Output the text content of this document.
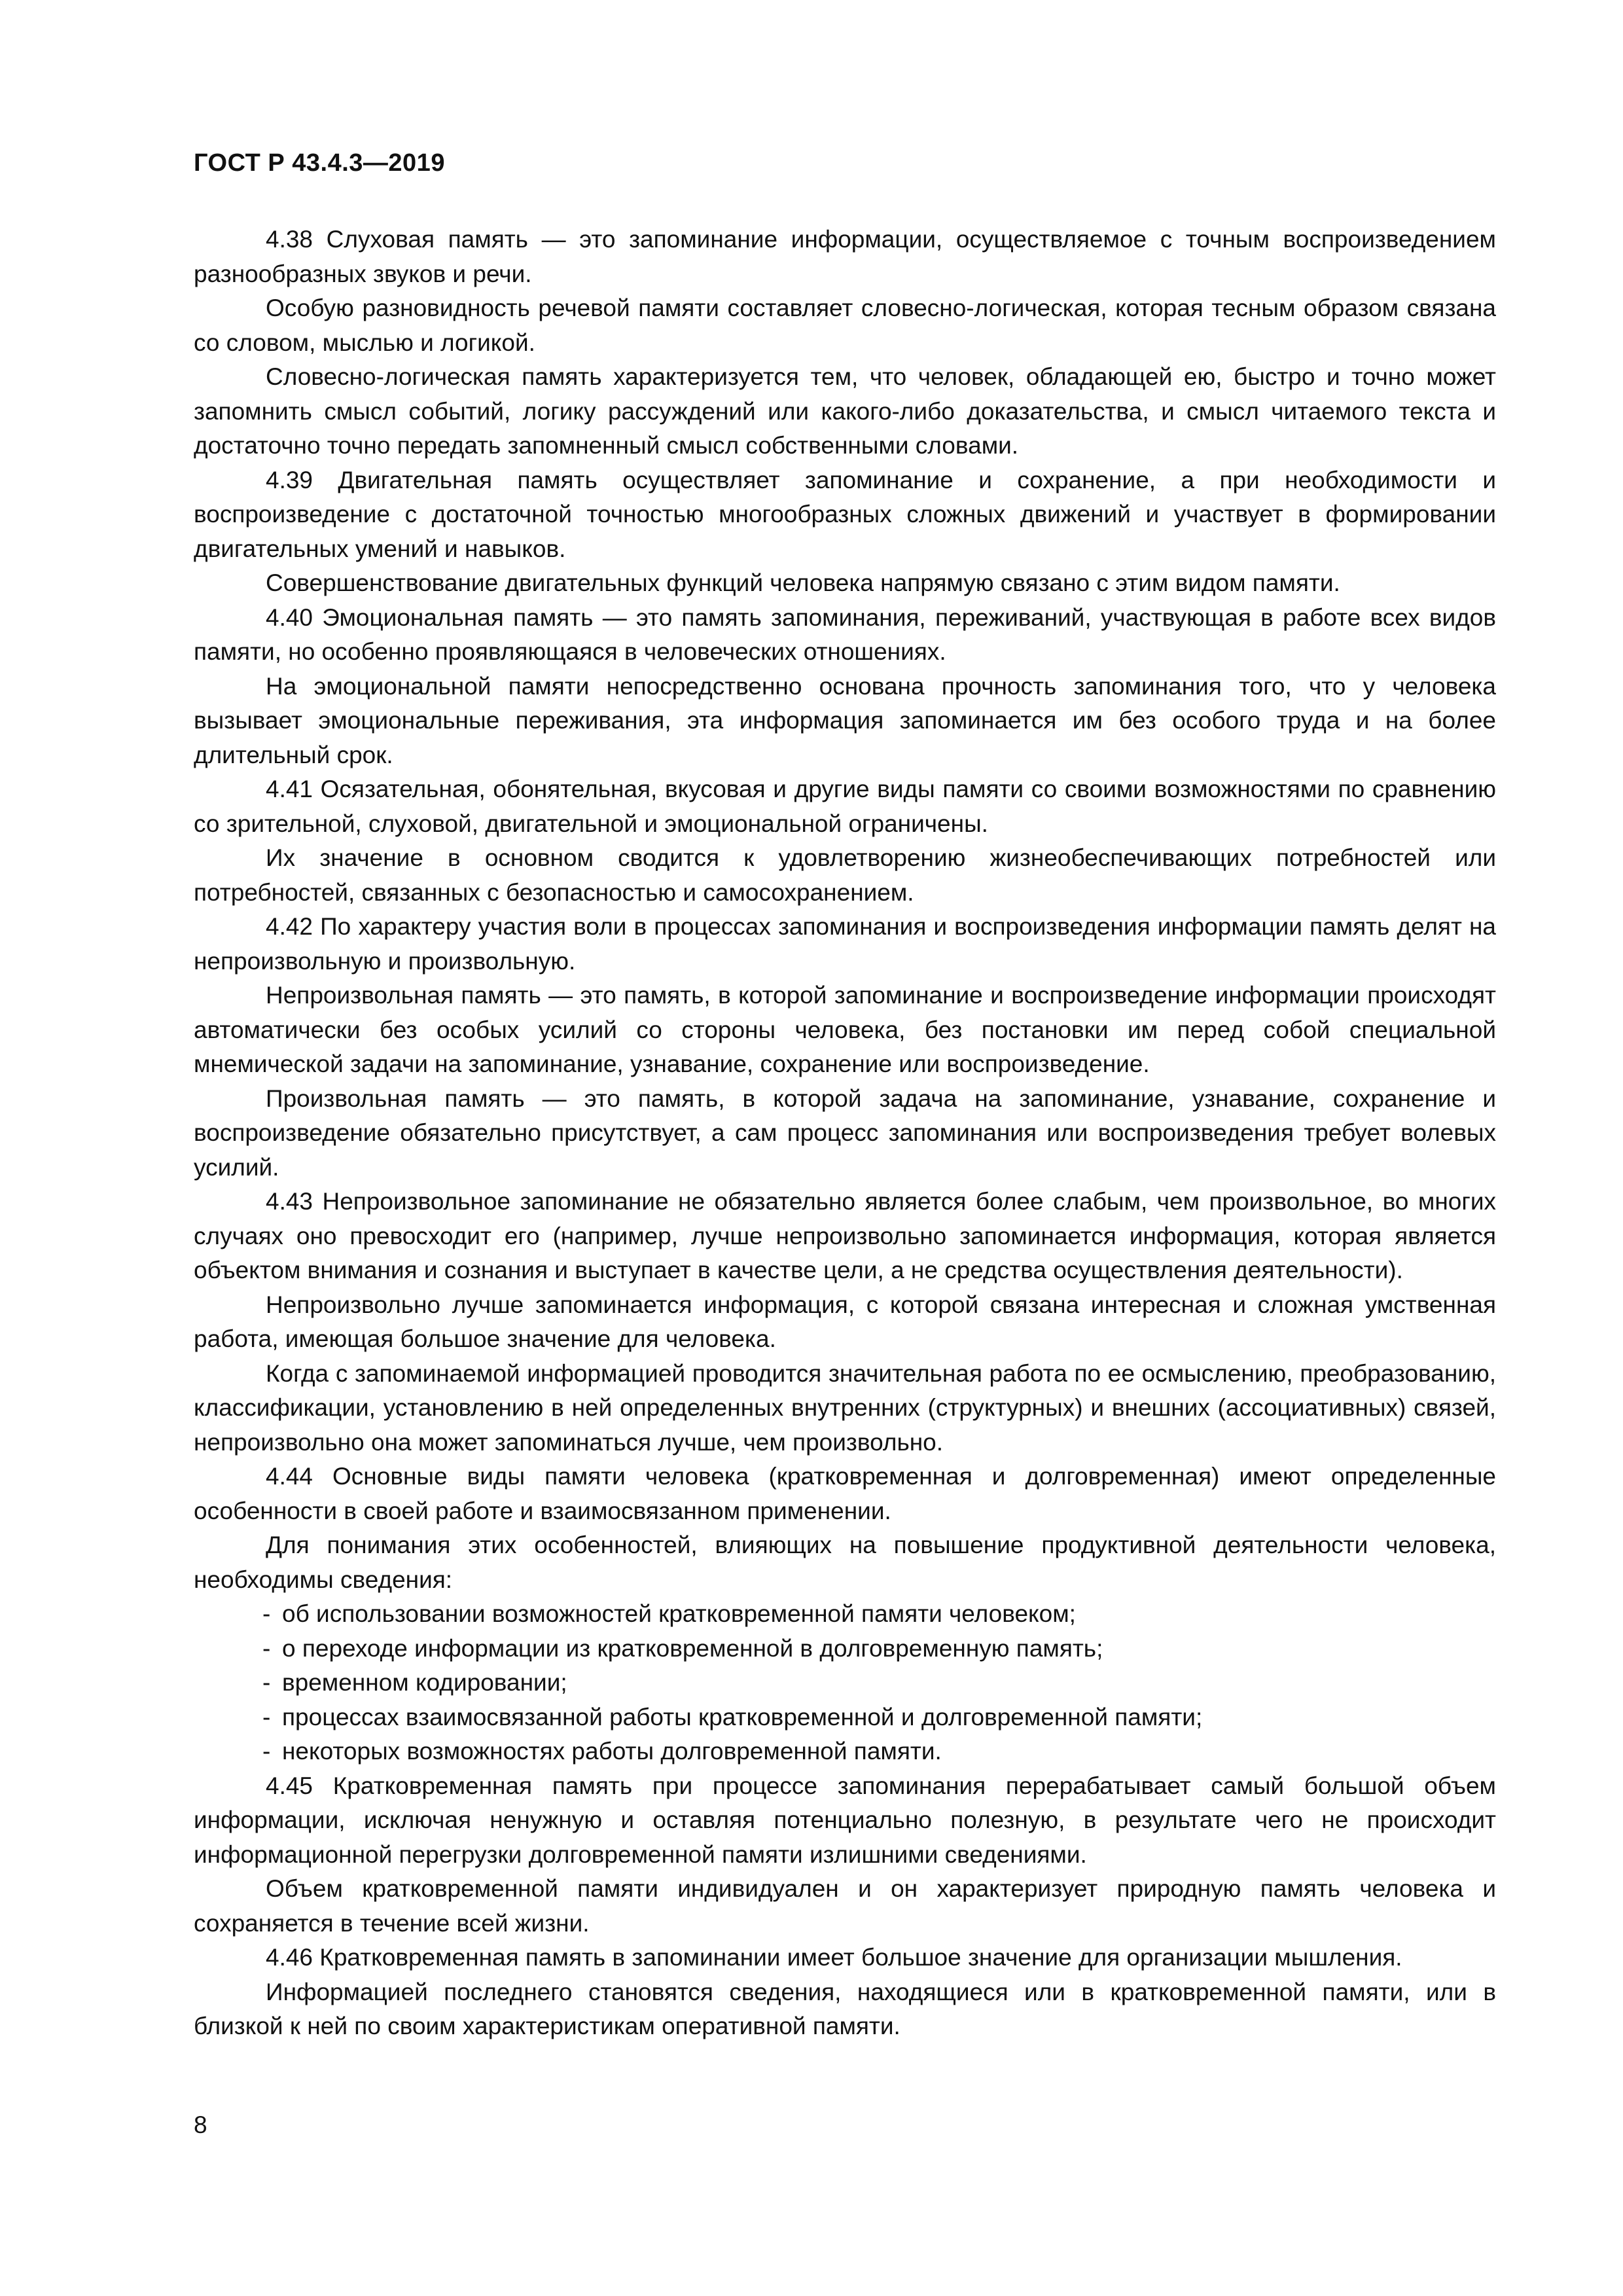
ГОСТ Р 43.4.3—2019

4.38 Слуховая память — это запоминание информации, осуществляемое с точным воспроизведением разнообразных звуков и речи.

Особую разновидность речевой памяти составляет словесно-логическая, которая тесным образом связана со словом, мыслью и логикой.

Словесно-логическая память характеризуется тем, что человек, обладающей ею, быстро и точно может запомнить смысл событий, логику рассуждений или какого-либо доказательства, и смысл читаемого текста и достаточно точно передать запомненный смысл собственными словами.

4.39 Двигательная память осуществляет запоминание и сохранение, а при необходимости и воспроизведение с достаточной точностью многообразных сложных движений и участвует в формировании двигательных умений и навыков.

Совершенствование двигательных функций человека напрямую связано с этим видом памяти.

4.40 Эмоциональная память — это память запоминания, переживаний, участвующая в работе всех видов памяти, но особенно проявляющаяся в человеческих отношениях.

На эмоциональной памяти непосредственно основана прочность запоминания того, что у человека вызывает эмоциональные переживания, эта информация запоминается им без особого труда и на более длительный срок.

4.41 Осязательная, обонятельная, вкусовая и другие виды памяти со своими возможностями по сравнению со зрительной, слуховой, двигательной и эмоциональной ограничены.

Их значение в основном сводится к удовлетворению жизнеобеспечивающих потребностей или потребностей, связанных с безопасностью и самосохранением.

4.42 По характеру участия воли в процессах запоминания и воспроизведения информации память делят на непроизвольную и произвольную.

Непроизвольная память — это память, в которой запоминание и воспроизведение информации происходят автоматически без особых усилий со стороны человека, без постановки им перед собой специальной мнемической задачи на запоминание, узнавание, сохранение или воспроизведение.

Произвольная память — это память, в которой задача на запоминание, узнавание, сохранение и воспроизведение обязательно присутствует, а сам процесс запоминания или воспроизведения требует волевых усилий.

4.43 Непроизвольное запоминание не обязательно является более слабым, чем произвольное, во многих случаях оно превосходит его (например, лучше непроизвольно запоминается информация, которая является объектом внимания и сознания и выступает в качестве цели, а не средства осуществления деятельности).

Непроизвольно лучше запоминается информация, с которой связана интересная и сложная умственная работа, имеющая большое значение для человека.

Когда с запоминаемой информацией проводится значительная работа по ее осмыслению, преобразованию, классификации, установлению в ней определенных внутренних (структурных) и внешних (ассоциативных) связей, непроизвольно она может запоминаться лучше, чем произвольно.

4.44 Основные виды памяти человека (кратковременная и долговременная) имеют определенные особенности в своей работе и взаимосвязанном применении.

Для понимания этих особенностей, влияющих на повышение продуктивной деятельности человека, необходимы сведения:

- об использовании возможностей кратковременной памяти человеком;
- о переходе информации из кратковременной в долговременную память;
- временном кодировании;
- процессах взаимосвязанной работы кратковременной и долговременной памяти;
- некоторых возможностях работы долговременной памяти.

4.45 Кратковременная память при процессе запоминания перерабатывает самый большой объем информации, исключая ненужную и оставляя потенциально полезную, в результате чего не происходит информационной перегрузки долговременной памяти излишними сведениями.

Объем кратковременной памяти индивидуален и он характеризует природную память человека и сохраняется в течение всей жизни.

4.46 Кратковременная память в запоминании имеет большое значение для организации мышления.

Информацией последнего становятся сведения, находящиеся или в кратковременной памяти, или в близкой к ней по своим характеристикам оперативной памяти.

8
